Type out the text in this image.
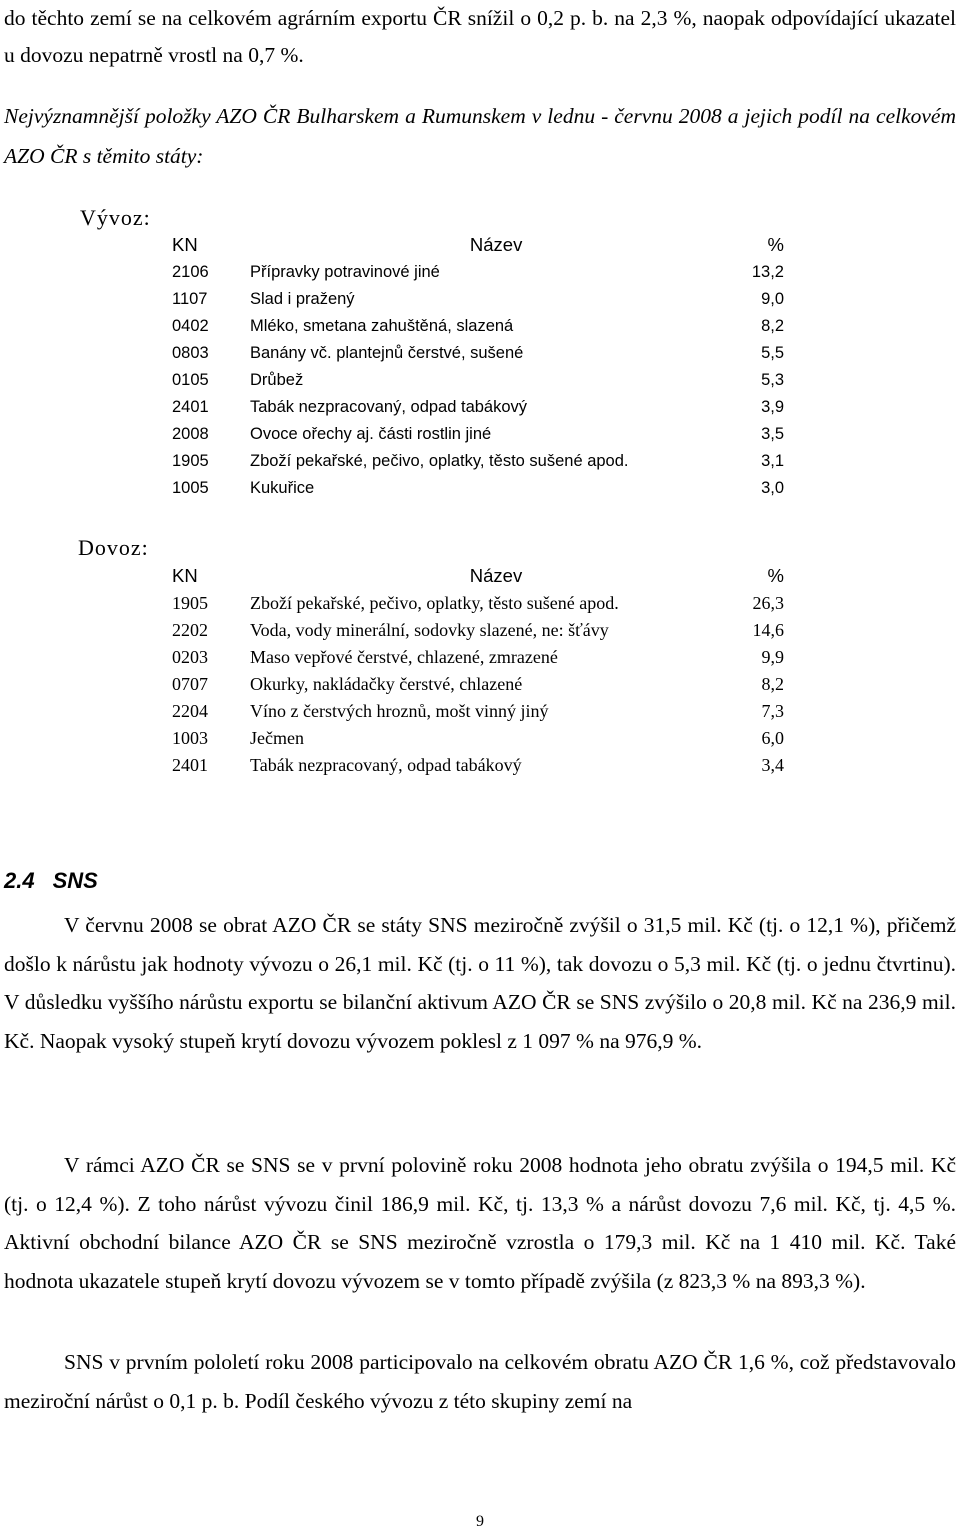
do těchto zemí se na celkovém agrárním exportu ČR snížil o 0,2 p. b. na 2,3 %, naopak odpovídající ukazatel u dovozu nepatrně vrostl na 0,7 %.
Nejvýznamnější položky AZO ČR Bulharskem a Rumunskem v lednu - červnu 2008 a jejich podíl na celkovém AZO ČR s těmito státy:
Vývoz:
KN	Název	%
2106	Přípravky potravinové jiné	13,2
1107	Slad i pražený	9,0
0402	Mléko, smetana zahuštěná, slazená	8,2
0803	Banány vč. plantejnů čerstvé, sušené	5,5
0105	Drůbež	5,3
2401	Tabák nezpracovaný, odpad tabákový	3,9
2008	Ovoce ořechy aj. části rostlin jiné	3,5
1905	Zboží pekařské, pečivo, oplatky, těsto sušené apod.	3,1
1005	Kukuřice	3,0
Dovoz:
KN	Název	%
1905	Zboží pekařské, pečivo, oplatky, těsto sušené apod.	26,3
2202	Voda, vody minerální, sodovky slazené, ne: šťávy	14,6
0203	Maso vepřové čerstvé, chlazené, zmrazené	9,9
0707	Okurky, nakládačky čerstvé, chlazené	8,2
2204	Víno z čerstvých hroznů, mošt vinný jiný	7,3
1003	Ječmen	6,0
2401	Tabák nezpracovaný, odpad tabákový	3,4
2.4 SNS
V červnu 2008 se obrat AZO ČR se státy SNS meziročně zvýšil o 31,5 mil. Kč (tj. o 12,1 %), přičemž došlo k nárůstu jak hodnoty vývozu o 26,1 mil. Kč (tj. o 11 %), tak dovozu o 5,3 mil. Kč (tj. o jednu čtvrtinu). V důsledku vyššího nárůstu exportu se bilanční aktivum AZO ČR se SNS zvýšilo o 20,8 mil. Kč na 236,9 mil. Kč. Naopak vysoký stupeň krytí dovozu vývozem poklesl z 1 097 % na 976,9 %.
V rámci AZO ČR se SNS se v první polovině roku 2008 hodnota jeho obratu zvýšila o 194,5 mil. Kč (tj. o 12,4 %). Z toho nárůst vývozu činil 186,9 mil. Kč, tj. 13,3 % a nárůst dovozu 7,6 mil. Kč, tj. 4,5 %. Aktivní obchodní bilance AZO ČR se SNS meziročně vzrostla o 179,3 mil. Kč na 1 410 mil. Kč. Také hodnota ukazatele stupeň krytí dovozu vývozem se v tomto případě zvýšila (z 823,3 % na 893,3 %).
SNS v prvním pololetí roku 2008 participovalo na celkovém obratu AZO ČR 1,6 %, což představovalo meziroční nárůst o 0,1 p. b. Podíl českého vývozu z této skupiny zemí na
9
